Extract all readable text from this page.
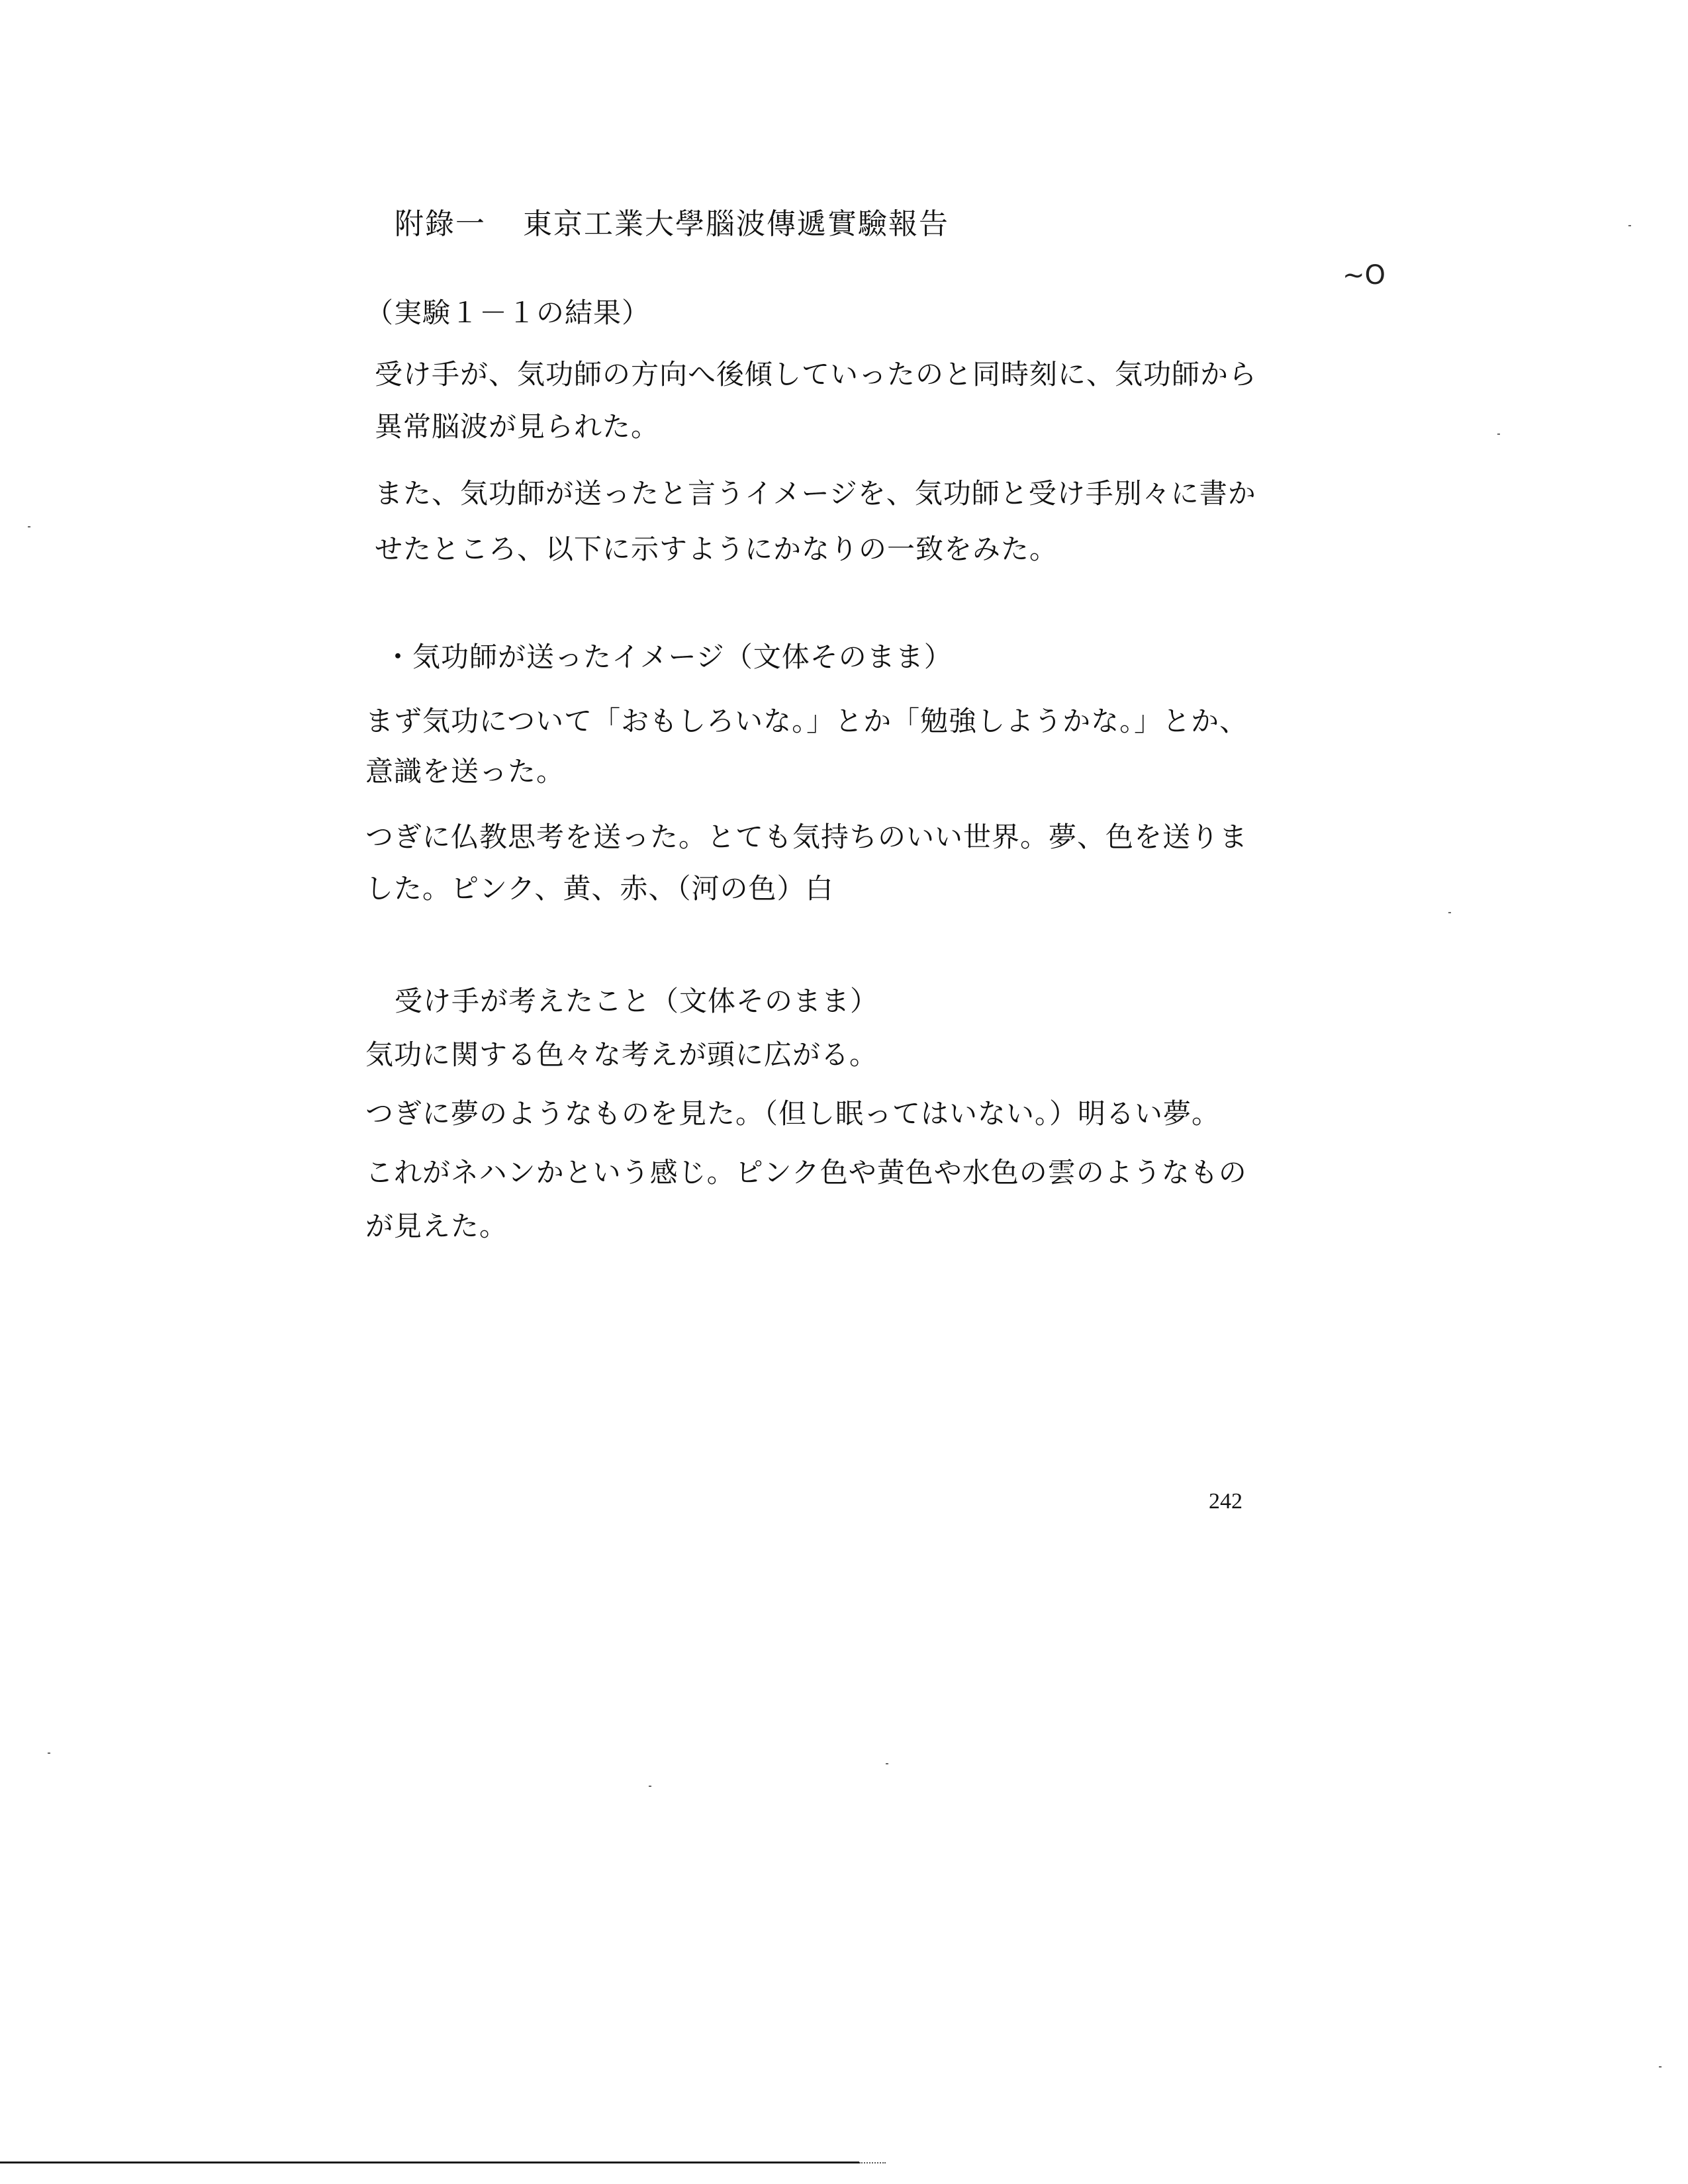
附錄一 東京工業大學腦波傳遞實驗報告
~O
（実験１－１の結果）
受け手が、気功師の方向へ後傾していったのと同時刻に、気功師から
異常脳波が見られた。
また、気功師が送ったと言うイメージを、気功師と受け手別々に書か
せたところ、以下に示すようにかなりの一致をみた。
・気功師が送ったイメージ（文体そのまま）
まず気功について「おもしろいな。」とか「勉強しようかな。」とか、
意識を送った。
つぎに仏教思考を送った。とても気持ちのいい世界。夢、色を送りま
した。ピンク、黄、赤、（河の色）白
受け手が考えたこと（文体そのまま）
気功に関する色々な考えが頭に広がる。
つぎに夢のようなものを見た。（但し眠ってはいない。）明るい夢。
これがネハンかという感じ。ピンク色や黄色や水色の雲のようなもの
が見えた。
242
